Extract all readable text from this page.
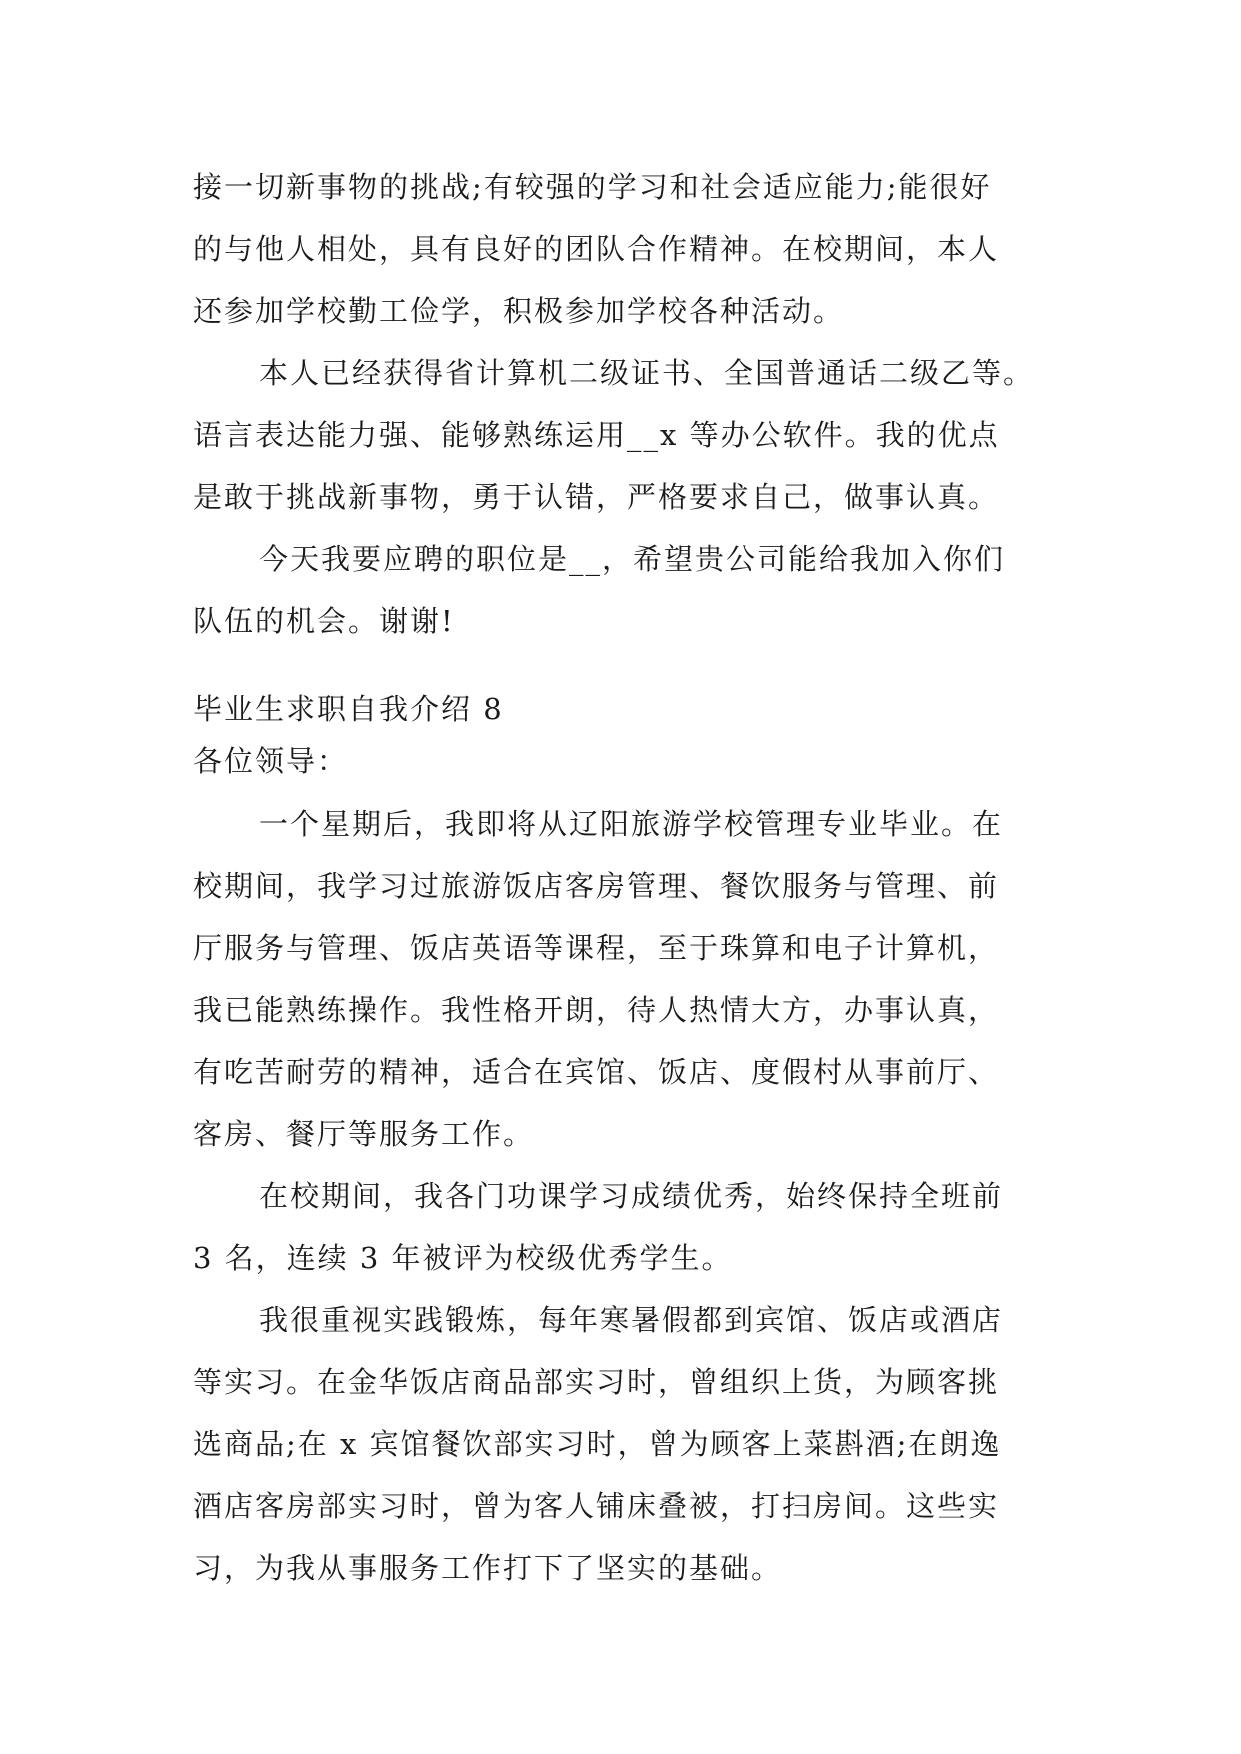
接一切新事物的挑战;有较强的学习和社会适应能力;能很好
的与他人相处，具有良好的团队合作精神。在校期间，本人
还参加学校勤工俭学，积极参加学校各种活动。
本人已经获得省计算机二级证书、全国普通话二级乙等。
语言表达能力强、能够熟练运用__x 等办公软件。我的优点
是敢于挑战新事物，勇于认错，严格要求自己，做事认真。
今天我要应聘的职位是__，希望贵公司能给我加入你们
队伍的机会。谢谢!
毕业生求职自我介绍 8
各位领导：
一个星期后，我即将从辽阳旅游学校管理专业毕业。在
校期间，我学习过旅游饭店客房管理、餐饮服务与管理、前
厅服务与管理、饭店英语等课程，至于珠算和电子计算机，
我已能熟练操作。我性格开朗，待人热情大方，办事认真，
有吃苦耐劳的精神，适合在宾馆、饭店、度假村从事前厅、
客房、餐厅等服务工作。
在校期间，我各门功课学习成绩优秀，始终保持全班前
3 名，连续 3 年被评为校级优秀学生。
我很重视实践锻炼，每年寒暑假都到宾馆、饭店或酒店
等实习。在金华饭店商品部实习时，曾组织上货，为顾客挑
选商品;在 x 宾馆餐饮部实习时，曾为顾客上菜斟酒;在朗逸
酒店客房部实习时，曾为客人铺床叠被，打扫房间。这些实
习，为我从事服务工作打下了坚实的基础。
